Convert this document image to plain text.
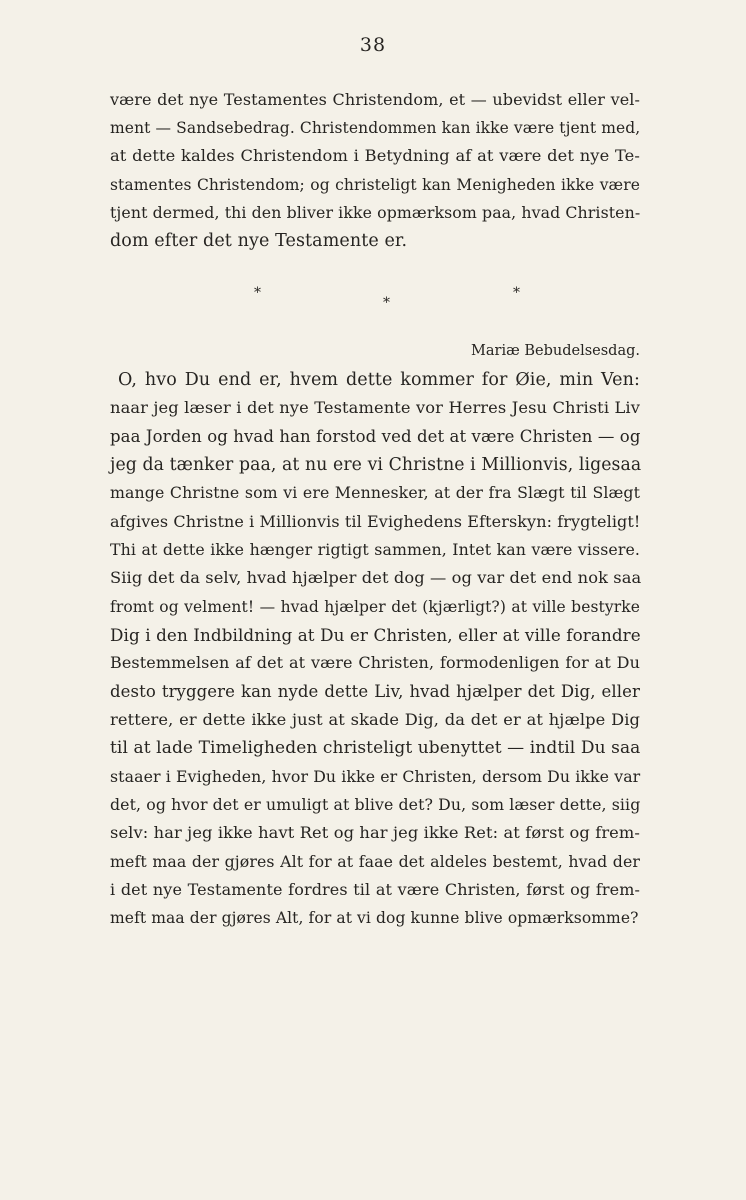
38
være det nye Testamentes Christendom, et — ubevidst eller vel-
ment — Sandsebedrag. Christendommen kan ikke være tjent med,
at dette kaldes Christendom i Betydning af at være det nye Te-
stamentes Christendom; og christeligt kan Menigheden ikke være
tjent dermed, thi den bliver ikke opmærksom paa, hvad Christen-
dom efter det nye Testamente er.
*
*
*
Mariæ Bebudelsesdag.
O, hvo Du end er, hvem dette kommer for Øie, min Ven:
naar jeg læser i det nye Testamente vor Herres Jesu Christi Liv
paa Jorden og hvad han forstod ved det at være Christen — og
jeg da tænker paa, at nu ere vi Christne i Millionvis, ligesaa
mange Christne som vi ere Mennesker, at der fra Slægt til Slægt
afgives Christne i Millionvis til Evighedens Efterskyn: frygteligt!
Thi at dette ikke hænger rigtigt sammen, Intet kan være vissere.
Siig det da selv, hvad hjælper det dog — og var det end nok saa
fromt og velment! — hvad hjælper det (kjærligt?) at ville bestyrke
Dig i den Indbildning at Du er Christen, eller at ville forandre
Bestemmelsen af det at være Christen, formodenligen for at Du
desto tryggere kan nyde dette Liv, hvad hjælper det Dig, eller
rettere, er dette ikke just at skade Dig, da det er at hjælpe Dig
til at lade Timeligheden christeligt ubenyttet — indtil Du saa
staaer i Evigheden, hvor Du ikke er Christen, dersom Du ikke var
det, og hvor det er umuligt at blive det? Du, som læser dette, siig
selv: har jeg ikke havt Ret og har jeg ikke Ret: at først og frem-
meft maa der gjøres Alt for at faae det aldeles bestemt, hvad der
i det nye Testamente fordres til at være Christen, først og frem-
meft maa der gjøres Alt, for at vi dog kunne blive opmærksomme?
